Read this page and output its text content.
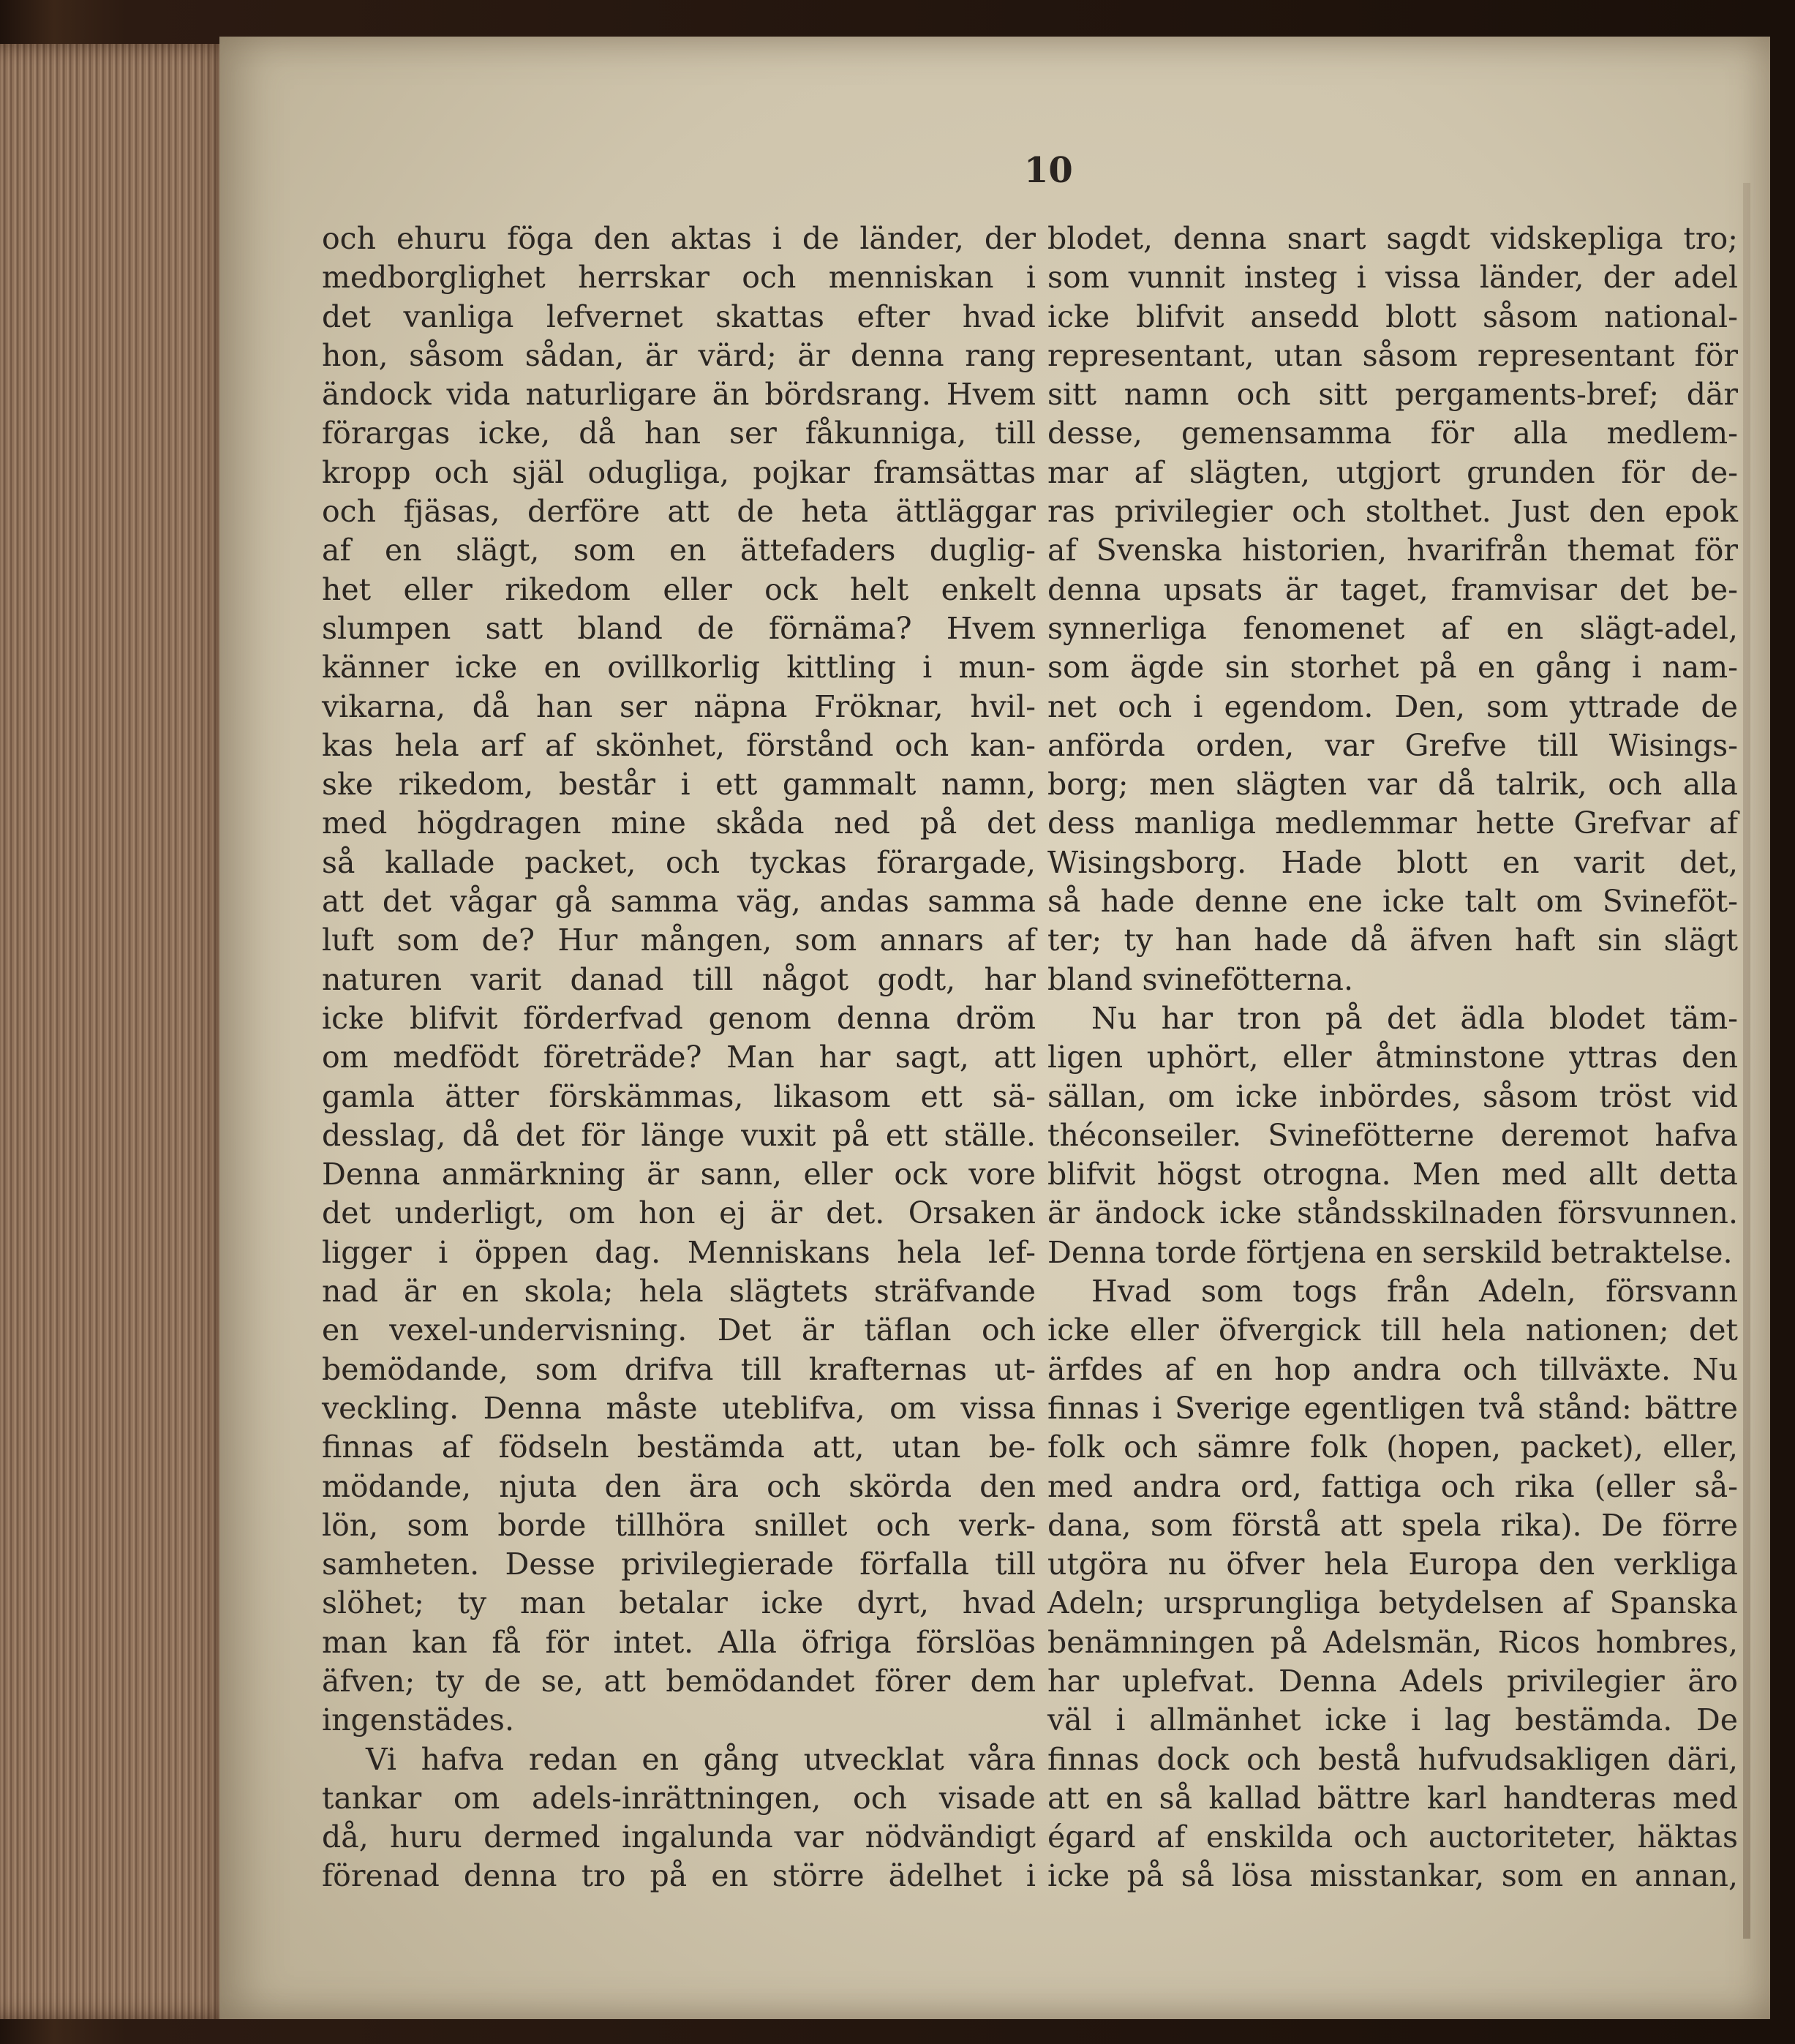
10
och ehuru föga den aktas i de länder, der
medborglighet herrskar och menniskan i
det vanliga lefvernet skattas efter hvad
hon, såsom sådan, är värd; är denna rang
ändock vida naturligare än bördsrang. Hvem
förargas icke, då han ser fåkunniga, till
kropp och själ odugliga, pojkar framsättas
och fjäsas, derföre att de heta ättläggar
af en slägt, som en ättefaders duglig-
het eller rikedom eller ock helt enkelt
slumpen satt bland de förnäma? Hvem
känner icke en ovillkorlig kittling i mun-
vikarna, då han ser näpna Fröknar, hvil-
kas hela arf af skönhet, förstånd och kan-
ske rikedom, består i ett gammalt namn,
med högdragen mine skåda ned på det
så kallade packet, och tyckas förargade,
att det vågar gå samma väg, andas samma
luft som de? Hur mången, som annars af
naturen varit danad till något godt, har
icke blifvit förderfvad genom denna dröm
om medfödt företräde? Man har sagt, att
gamla ätter förskämmas, likasom ett sä-
desslag, då det för länge vuxit på ett ställe.
Denna anmärkning är sann, eller ock vore
det underligt, om hon ej är det. Orsaken
ligger i öppen dag. Menniskans hela lef-
nad är en skola; hela slägtets sträfvande
en vexel-undervisning. Det är täflan och
bemödande, som drifva till krafternas ut-
veckling. Denna måste uteblifva, om vissa
finnas af födseln bestämda att, utan be-
mödande, njuta den ära och skörda den
lön, som borde tillhöra snillet och verk-
samheten. Desse privilegierade förfalla till
slöhet; ty man betalar icke dyrt, hvad
man kan få för intet. Alla öfriga förslöas
äfven; ty de se, att bemödandet förer dem
ingenstädes.
Vi hafva redan en gång utvecklat våra
tankar om adels-inrättningen, och visade
då, huru dermed ingalunda var nödvändigt
förenad denna tro på en större ädelhet i
blodet, denna snart sagdt vidskepliga tro;
som vunnit insteg i vissa länder, der adel
icke blifvit ansedd blott såsom national-
representant, utan såsom representant för
sitt namn och sitt pergaments-bref; där
desse, gemensamma för alla medlem-
mar af slägten, utgjort grunden för de-
ras privilegier och stolthet. Just den epok
af Svenska historien, hvarifrån themat för
denna upsats är taget, framvisar det be-
synnerliga fenomenet af en slägt-adel,
som ägde sin storhet på en gång i nam-
net och i egendom. Den, som yttrade de
anförda orden, var Grefve till Wisings-
borg; men slägten var då talrik, och alla
dess manliga medlemmar hette Grefvar af
Wisingsborg. Hade blott en varit det,
så hade denne ene icke talt om Svineföt-
ter; ty han hade då äfven haft sin slägt
bland svinefötterna.
Nu har tron på det ädla blodet täm-
ligen uphört, eller åtminstone yttras den
sällan, om icke inbördes, såsom tröst vid
théconseiler. Svinefötterne deremot hafva
blifvit högst otrogna. Men med allt detta
är ändock icke ståndsskilnaden försvunnen.
Denna torde förtjena en serskild betraktelse.
Hvad som togs från Adeln, försvann
icke eller öfvergick till hela nationen; det
ärfdes af en hop andra och tillväxte. Nu
finnas i Sverige egentligen två stånd: bättre
folk och sämre folk (hopen, packet), eller,
med andra ord, fattiga och rika (eller så-
dana, som förstå att spela rika). De förre
utgöra nu öfver hela Europa den verkliga
Adeln; ursprungliga betydelsen af Spanska
benämningen på Adelsmän, Ricos hombres,
har uplefvat. Denna Adels privilegier äro
väl i allmänhet icke i lag bestämda. De
finnas dock och bestå hufvudsakligen däri,
att en så kallad bättre karl handteras med
égard af enskilda och auctoriteter, häktas
icke på så lösa misstankar, som en annan,
